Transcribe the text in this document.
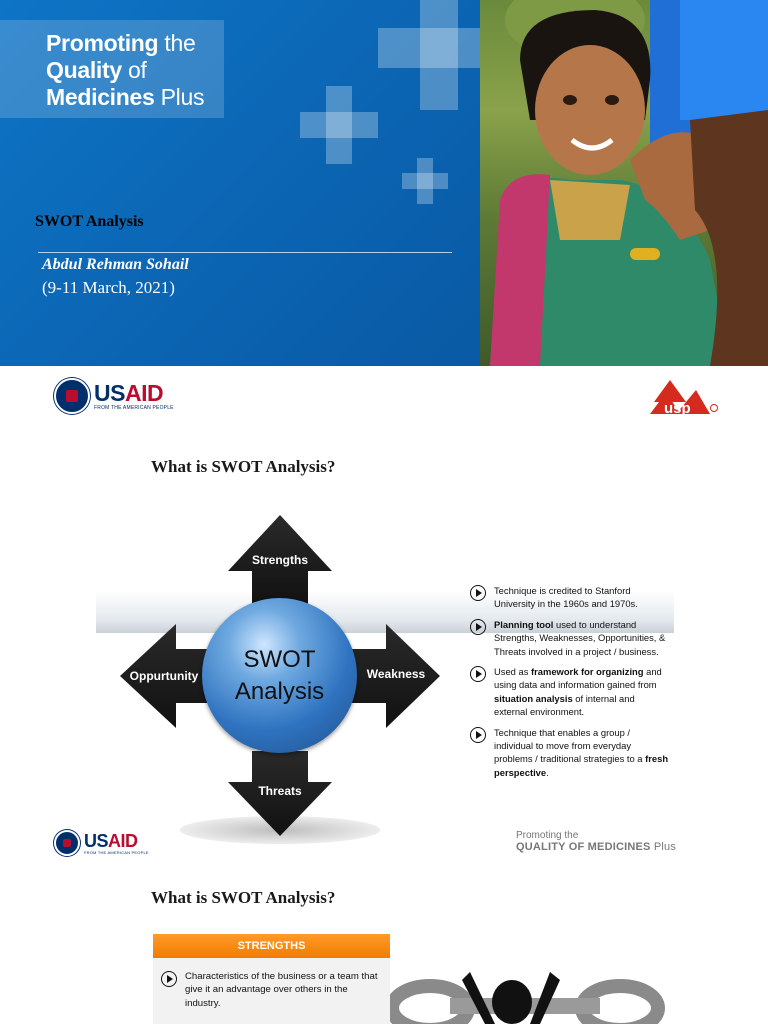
Promoting the
Quality of
Medicines Plus
SWOT Analysis
Abdul Rehman Sohail
(9-11 March, 2021)
USAID
FROM THE AMERICAN PEOPLE	usp
What is SWOT Analysis?
Strengths
Oppurtunity	Weakness
Threats
SWOT
Analysis
Technique is credited to Stanford University in the 1960s and 1970s.
Planning tool used to understand Strengths, Weaknesses, Opportunities, & Threats involved in a project / business.
Used as framework for organizing and using data and information gained from situation analysis of internal and external environment.
Technique that enables a group / individual to move from everyday problems / traditional strategies to a fresh perspective.
USAID
FROM THE AMERICAN PEOPLE
Promoting the
QUALITY OF MEDICINES Plus
What is SWOT Analysis?
STRENGTHS
Characteristics of the business or a team that give it an advantage over others in the industry.
